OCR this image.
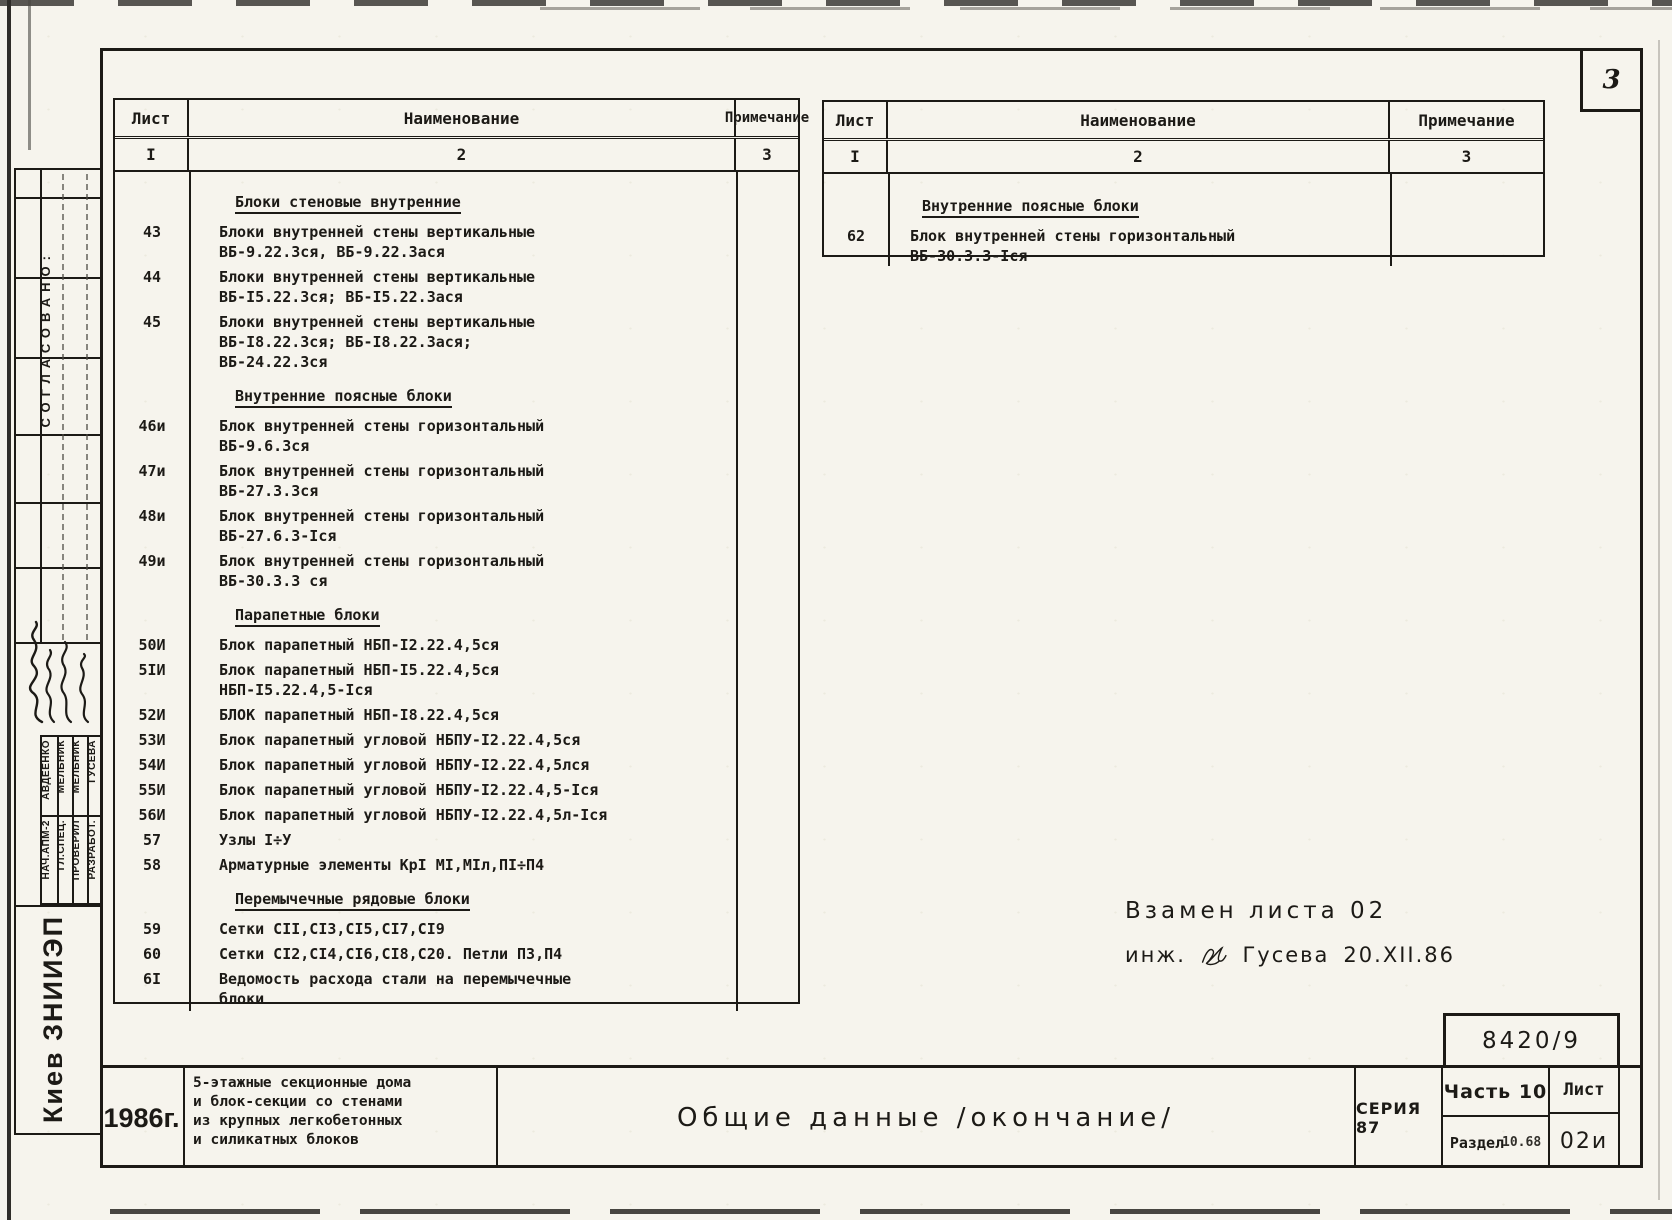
3
СОГЛАСОВАНО:
АВДЕЕНКО МЕЛЬНИК МЕЛЬНИК ГУСЕВА
НАЧ.АПМ-2 ГЛ.СПЕЦ. ПРОВЕРИЛ РАЗРАБОТ.
Киев ЗНИИЭП
Лист	Наименование	Примечание
I	2	3
Блоки стеновые внутренние
43	Блоки внутренней стены вертикальные
ВБ-9.22.3ся, ВБ-9.22.3ася
44	Блоки внутренней стены вертикальные
ВБ-I5.22.3ся; ВБ-I5.22.3ася
45	Блоки внутренней стены вертикальные
ВБ-I8.22.3ся; ВБ-I8.22.3ася;
ВБ-24.22.3ся
Внутренние поясные блоки
46и	Блок внутренней стены горизонтальный
ВБ-9.6.3ся
47и	Блок внутренней стены горизонтальный
ВБ-27.3.3ся
48и	Блок внутренней стены горизонтальный
ВБ-27.6.3-Iся
49и	Блок внутренней стены горизонтальный
ВБ-30.3.3 ся
Парапетные блоки
50И	Блок парапетный НБП-I2.22.4,5ся
5IИ	Блок парапетный НБП-I5.22.4,5ся
НБП-I5.22.4,5-Iся
52И	БЛОК парапетный НБП-I8.22.4,5ся
53И	Блок парапетный угловой НБПУ-I2.22.4,5ся
54И	Блок парапетный угловой НБПУ-I2.22.4,5лся
55И	Блок парапетный угловой НБПУ-I2.22.4,5-Iся
56И	Блок парапетный угловой НБПУ-I2.22.4,5л-Iся
57	Узлы I÷У
58	Арматурные элементы КрI МI,МIл,ПI÷П4
Перемычечные рядовые блоки
59	Сетки СII,СI3,СI5,СI7,СI9
60	Сетки СI2,СI4,СI6,СI8,С20. Петли П3,П4
6I	Ведомость расхода стали на перемычечные
блоки
Лист	Наименование	Примечание
I	2	3
Внутренние поясные блоки
62	Блок внутренней стены горизонтальный
ВБ-30.3.3-Iся
Взамен листа 02
инж.	Гусева 20.XII.86
8420/9
1986г.
5-этажные секционные дома
и блок-секции со стенами
из крупных легкобетонных
и силикатных блоков
Общие данные /окончание/	СЕРИЯ 87
Часть 10
Раздел
10.68
Лист
02и
